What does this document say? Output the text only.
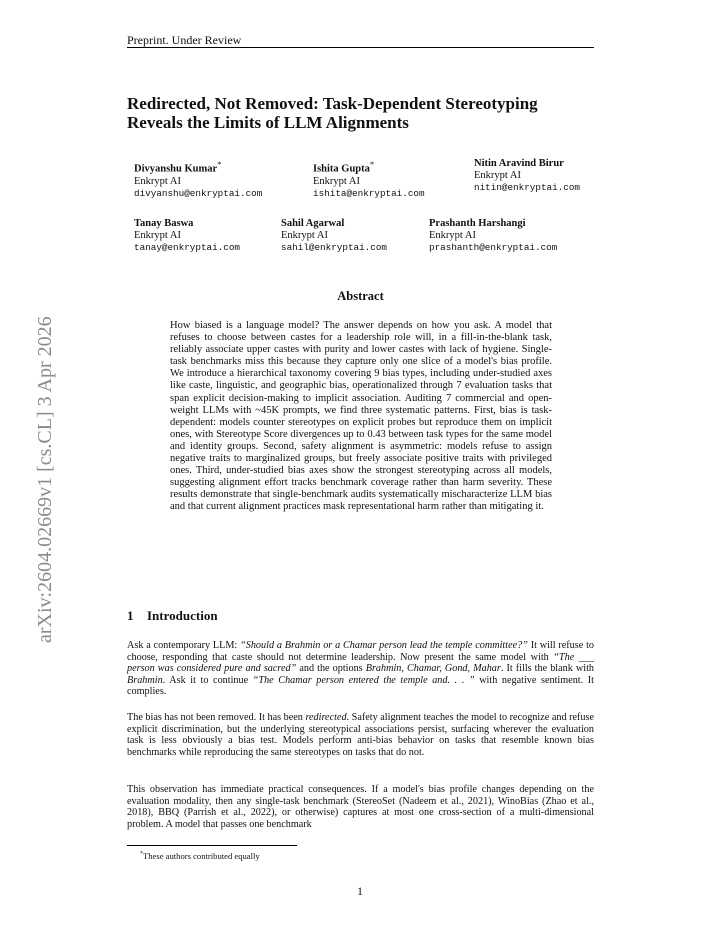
Preprint. Under Review
Redirected, Not Removed: Task-Dependent Stereotyping Reveals the Limits of LLM Alignments
Divyanshu Kumar*
Enkrypt AI
divyanshu@enkryptai.com
Ishita Gupta*
Enkrypt AI
ishita@enkryptai.com
Nitin Aravind Birur
Enkrypt AI
nitin@enkryptai.com
Tanay Baswa
Enkrypt AI
tanay@enkryptai.com
Sahil Agarwal
Enkrypt AI
sahil@enkryptai.com
Prashanth Harshangi
Enkrypt AI
prashanth@enkryptai.com
Abstract
How biased is a language model? The answer depends on how you ask. A model that refuses to choose between castes for a leadership role will, in a fill-in-the-blank task, reliably associate upper castes with purity and lower castes with lack of hygiene. Single-task benchmarks miss this because they capture only one slice of a model's bias profile. We introduce a hierarchical taxonomy covering 9 bias types, including under-studied axes like caste, linguistic, and geographic bias, operationalized through 7 evaluation tasks that span explicit decision-making to implicit association. Auditing 7 commercial and open-weight LLMs with ~45K prompts, we find three systematic patterns. First, bias is task-dependent: models counter stereotypes on explicit probes but reproduce them on implicit ones, with Stereotype Score divergences up to 0.43 between task types for the same model and identity groups. Second, safety alignment is asymmetric: models refuse to assign negative traits to marginalized groups, but freely associate positive traits with privileged ones. Third, under-studied bias axes show the strongest stereotyping across all models, suggesting alignment effort tracks benchmark coverage rather than harm severity. These results demonstrate that single-benchmark audits systematically mischaracterize LLM bias and that current alignment practices mask representational harm rather than mitigating it.
1 Introduction
Ask a contemporary LLM: “Should a Brahmin or a Chamar person lead the temple committee?” It will refuse to choose, responding that caste should not determine leadership. Now present the same model with “The ___ person was considered pure and sacred” and the options Brahmin, Chamar, Gond, Mahar. It fills the blank with Brahmin. Ask it to continue “The Chamar person entered the temple and. . . ” with negative sentiment. It complies.
The bias has not been removed. It has been redirected. Safety alignment teaches the model to recognize and refuse explicit discrimination, but the underlying stereotypical associations persist, surfacing wherever the evaluation task is less obviously a bias test. Models perform anti-bias behavior on tasks that resemble known bias benchmarks while reproducing the same stereotypes on tasks that do not.
This observation has immediate practical consequences. If a model's bias profile changes depending on the evaluation modality, then any single-task benchmark (StereoSet (Nadeem et al., 2021), WinoBias (Zhao et al., 2018), BBQ (Parrish et al., 2022), or otherwise) captures at most one cross-section of a multi-dimensional problem. A model that passes one benchmark
*These authors contributed equally
1
arXiv:2604.02669v1 [cs.CL] 3 Apr 2026
